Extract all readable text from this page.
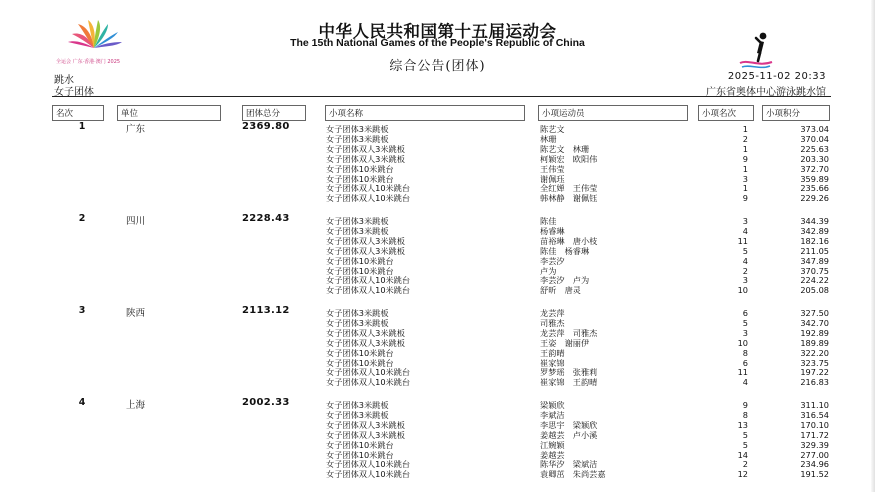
全运会 广东·香港·澳门 2025
中华人民共和国第十五届运动会
The 15th National Games of the People's Republic of China
综合公告(团体)
跳水
女子团体
2025-11-02 20:33
广东省奥体中心游泳跳水馆
名次	单位	团体总分	小项名称	小项运动员	小项名次	小项积分
1	广东	2369.80	女子团体3米跳板	陈艺文	1	373.04
女子团体3米跳板	林珊	2	370.04
女子团体双人3米跳板	陈艺文　林珊	1	225.63
女子团体双人3米跳板	柯颖宏　欧阳伟	9	203.30
女子团体10米跳台	王伟莹	1	372.70
女子团体10米跳台	谢佩珏	3	359.89
女子团体双人10米跳台	全红婵　王伟莹	1	235.66
女子团体双人10米跳台	韩林静　谢佩钰	9	229.26
2	四川	2228.43	女子团体3米跳板	陈佳	3	344.39
女子团体3米跳板	杨睿琳	4	342.89
女子团体双人3米跳板	苗裕琳　唐小枝	11	182.16
女子团体双人3米跳板	陈佳　杨睿琳	5	211.05
女子团体10米跳台	李芸汐	4	347.89
女子团体10米跳台	卢为	2	370.75
女子团体双人10米跳台	李芸汐　卢为	3	224.22
女子团体双人10米跳台	舒昕　唐灵	10	205.08
3	陕西	2113.12	女子团体3米跳板	龙芸萍	6	327.50
女子团体3米跳板	司雅杰	5	342.70
女子团体双人3米跳板	龙芸萍　司雅杰	3	192.89
女子团体双人3米跳板	王姿　谢丽伊	10	189.89
女子团体10米跳台	王韵晴	8	322.20
女子团体10米跳台	崔家锦	6	323.75
女子团体双人10米跳台	罗梦瑶　张雅莉	11	197.22
女子团体双人10米跳台	崔家锦　王韵晴	4	216.83
4	上海	2002.33	女子团体3米跳板	梁颖欣	9	311.10
女子团体3米跳板	李斌洁	8	316.54
女子团体双人3米跳板	李思宇　梁颖欣	13	170.10
女子团体双人3米跳板	姜越芸　卢小溪	5	171.72
女子团体10米跳台	江婉颖	5	329.39
女子团体10米跳台	姜越芸	14	277.00
女子团体双人10米跳台	陈华汐　梁斌洁	2	234.96
女子团体双人10米跳台	袁卿茁　朱尚芸嘉	12	191.52
